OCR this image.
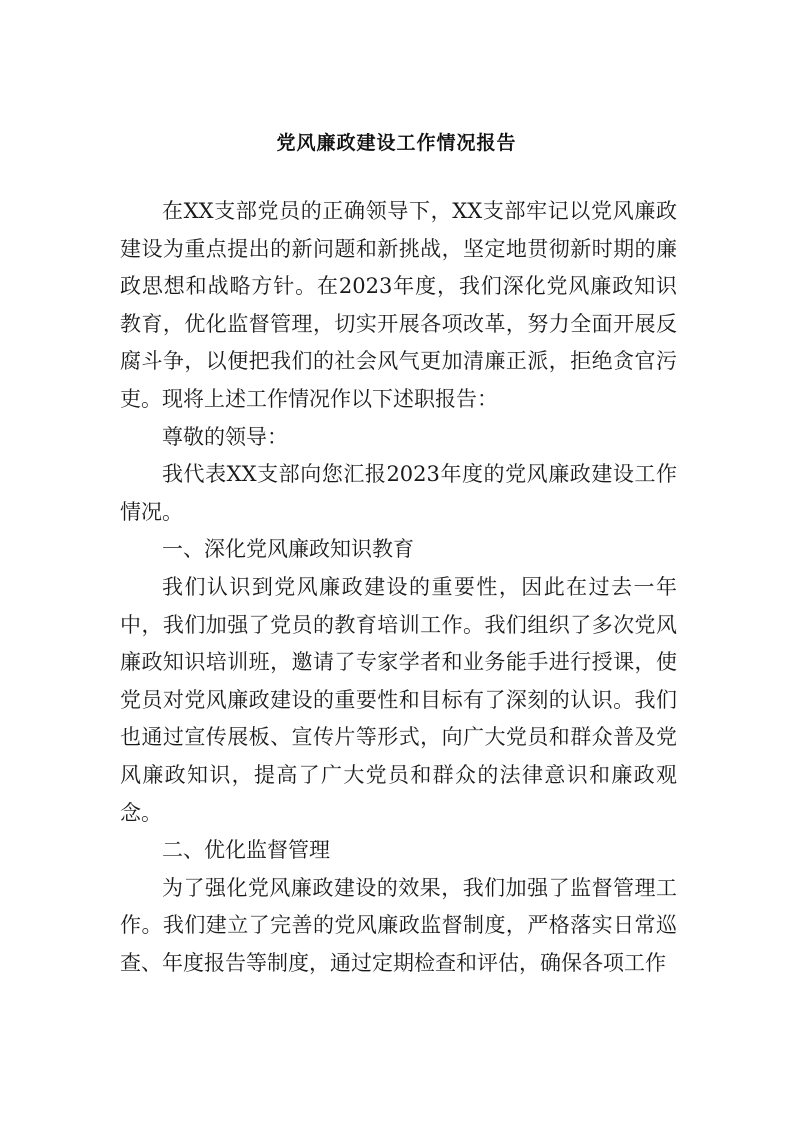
党风廉政建设工作情况报告

在XX支部党员的正确领导下，XX支部牢记以党风廉政建设为重点提出的新问题和新挑战，坚定地贯彻新时期的廉政思想和战略方针。在2023年度，我们深化党风廉政知识教育，优化监督管理，切实开展各项改革，努力全面开展反腐斗争，以便把我们的社会风气更加清廉正派，拒绝贪官污吏。现将上述工作情况作以下述职报告：

尊敬的领导：

我代表XX支部向您汇报2023年度的党风廉政建设工作情况。

一、深化党风廉政知识教育

我们认识到党风廉政建设的重要性，因此在过去一年中，我们加强了党员的教育培训工作。我们组织了多次党风廉政知识培训班，邀请了专家学者和业务能手进行授课，使党员对党风廉政建设的重要性和目标有了深刻的认识。我们也通过宣传展板、宣传片等形式，向广大党员和群众普及党风廉政知识，提高了广大党员和群众的法律意识和廉政观念。

二、优化监督管理

为了强化党风廉政建设的效果，我们加强了监督管理工作。我们建立了完善的党风廉政监督制度，严格落实日常巡查、年度报告等制度，通过定期检查和评估，确保各项工作
